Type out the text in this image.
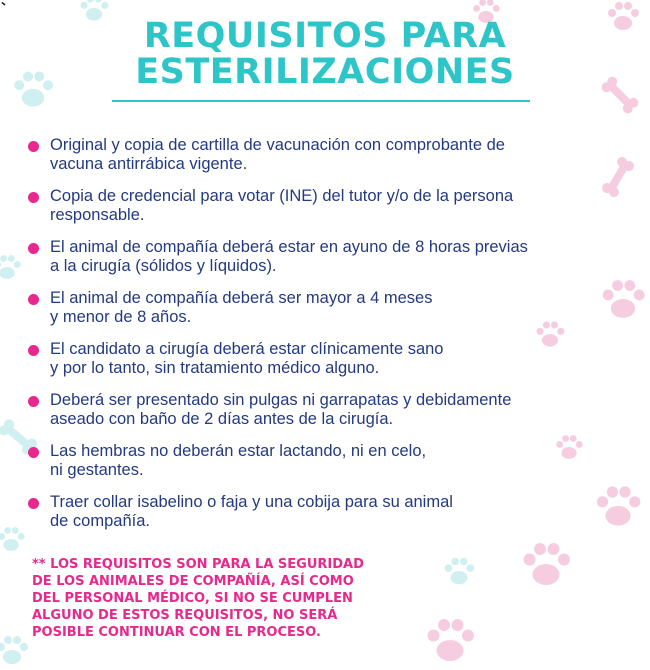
REQUISITOS PARA
ESTERILIZACIONES
Original y copia de cartilla de vacunación con comprobante de
vacuna antirrábica vigente.
Copia de credencial para votar (INE) del tutor y/o de la persona
responsable.
El animal de compañía deberá estar en ayuno de 8 horas previas
a la cirugía (sólidos y líquidos).
El animal de compañía deberá ser mayor a 4 meses
y menor de 8 años.
El candidato a cirugía deberá estar clínicamente sano
y por lo tanto, sin tratamiento médico alguno.
Deberá ser presentado sin pulgas ni garrapatas y debidamente
aseado con baño de 2 días antes de la cirugía.
Las hembras no deberán estar lactando, ni en celo,
ni gestantes.
Traer collar isabelino o faja y una cobija para su animal
de compañía.
** LOS REQUISITOS SON PARA LA SEGURIDAD
DE LOS ANIMALES DE COMPAÑÍA, ASÍ COMO
DEL PERSONAL MÉDICO, SI NO SE CUMPLEN
ALGUNO DE ESTOS REQUISITOS, NO SERÁ
POSIBLE CONTINUAR CON EL PROCESO.
